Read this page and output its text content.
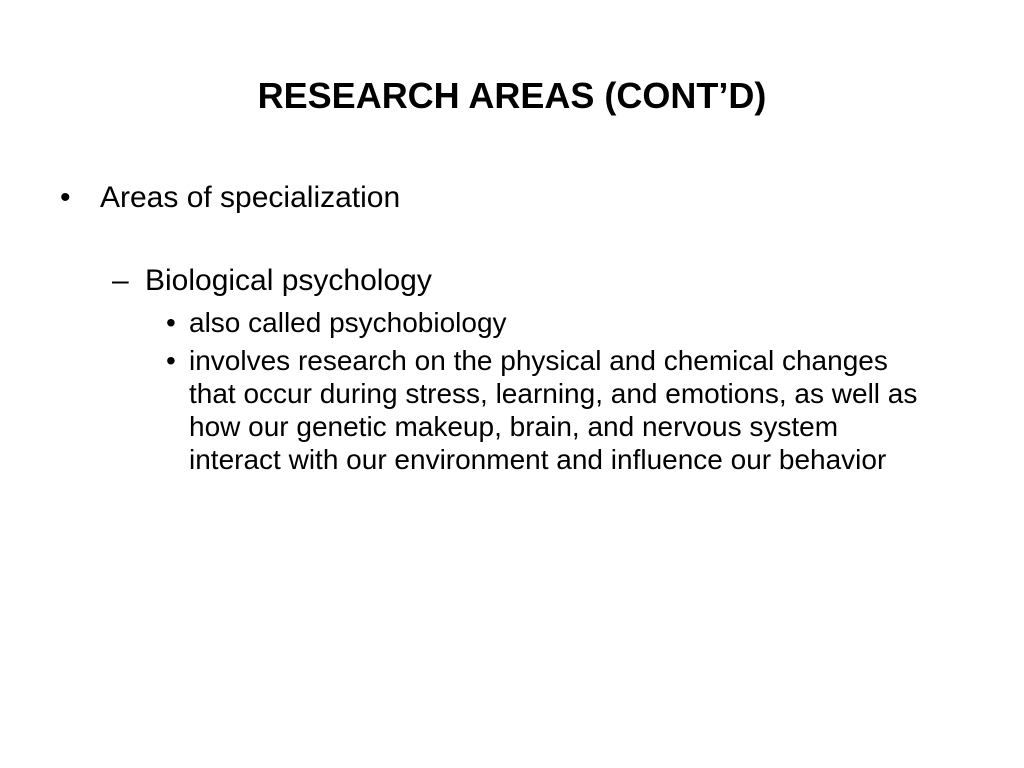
RESEARCH AREAS (CONT’D)
• Areas of specialization
– Biological psychology
• also called psychobiology
• involves research on the physical and chemical changes that occur during stress, learning, and emotions, as well as how our genetic makeup, brain, and nervous system interact with our environment and influence our behavior
